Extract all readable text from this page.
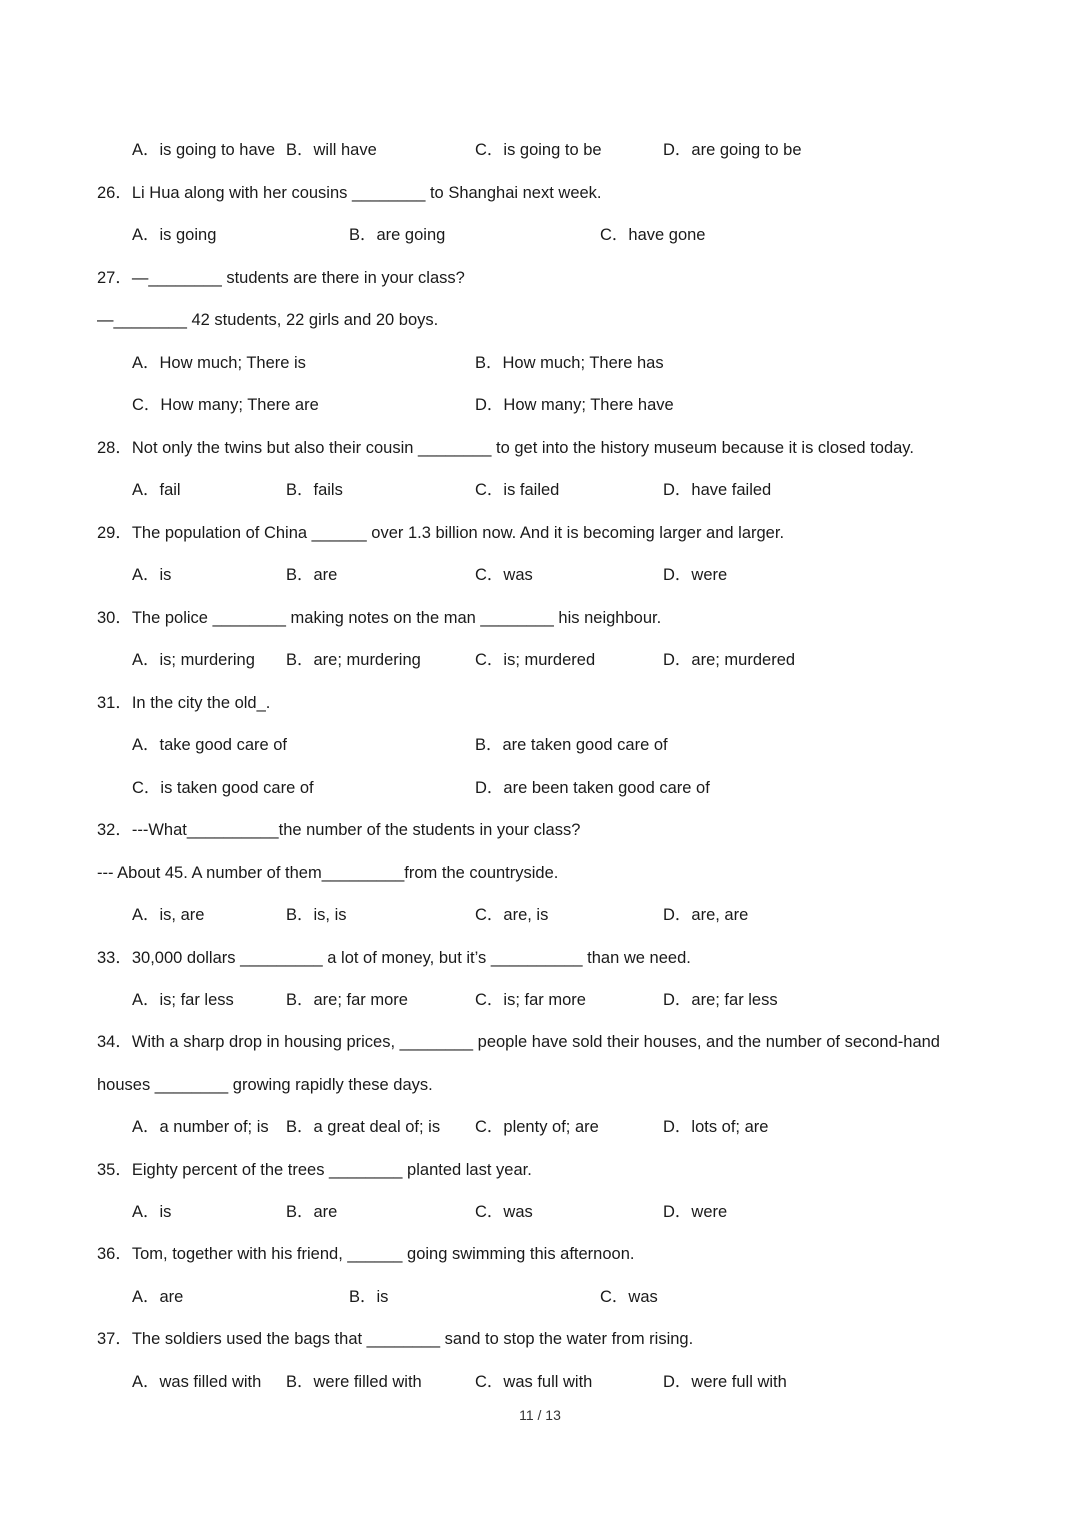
A．is going to have B．will have	C．is going to be	D．are going to be
26．Li Hua along with her cousins ________ to Shanghai next week.
A．is going	B．are going	C．have gone
27．—________ students are there in your class?
—________ 42 students, 22 girls and 20 boys.
A．How much; There is	B．How much; There has
C．How many; There are	D．How many; There have
28．Not only the twins but also their cousin ________ to get into the history museum because it is closed today.
A．fail	B．fails	C．is failed	D．have failed
29．The population of China ______ over 1.3 billion now. And it is becoming larger and larger.
A．is	B．are	C．was	D．were
30．The police ________ making notes on the man ________ his neighbour.
A．is; murdering B．are; murdering	C．is; murdered	D．are; murdered
31．In the city the old_.
A．take good care of	B．are taken good care of
C．is taken good care of	D．are been taken good care of
32．---What__________the number of the students in your class?
--- About 45. A number of them_________from the countryside.
A．is, are	B．is, is	C．are, is	D．are, are
33．30,000 dollars _________ a lot of money, but it’s __________ than we need.
A．is; far less	B．are; far more	C．is; far more	D．are; far less
34．With a sharp drop in housing prices, ________ people have sold their houses, and the number of second-hand
houses ________ growing rapidly these days.
A．a number of; is B．a great deal of; is C．plenty of; are	D．lots of; are
35．Eighty percent of the trees ________ planted last year.
A．is	B．are	C．was	D．were
36．Tom, together with his friend, ______ going swimming this afternoon.
A．are	B．is	C．was
37．The soldiers used the bags that ________ sand to stop the water from rising.
A．was filled with B．were filled with	C．was full with	D．were full with
11 / 13
